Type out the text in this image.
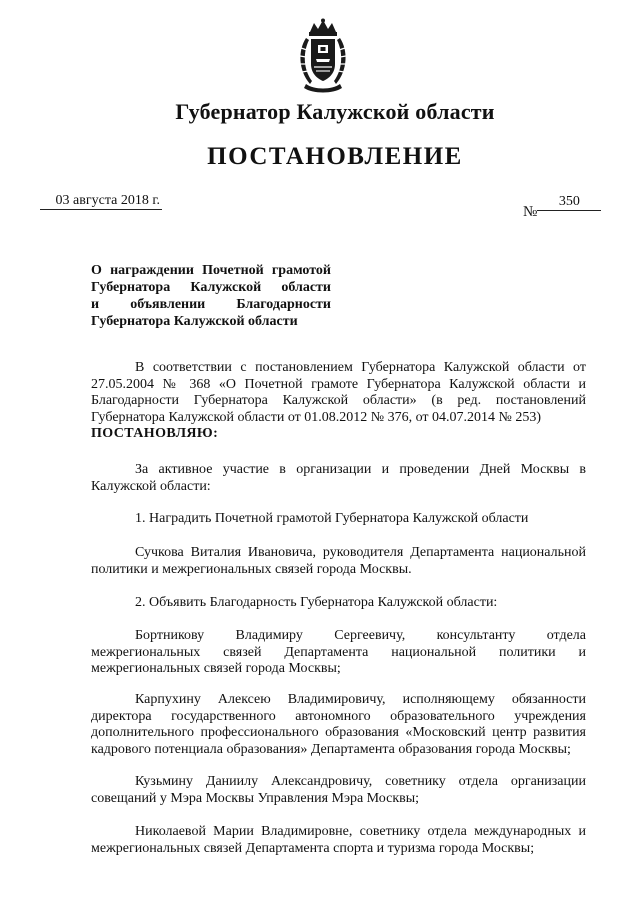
Губернатор Калужской области
ПОСТАНОВЛЕНИЕ
03 августа 2018 г.
№350
О награждении Почетной грамотой
Губернатора Калужской области
и объявлении Благодарности
Губернатора Калужской области

В соответствии с постановлением Губернатора Калужской области от 27.05.2004 № 368 «О Почетной грамоте Губернатора Калужской области и Благодарности Губернатора Калужской области» (в ред. постановлений Губернатора Калужской области от 01.08.2012 № 376, от 04.07.2014 № 253)

ПОСТАНОВЛЯЮ:

За активное участие в организации и проведении Дней Москвы в Калужской области:

1. Наградить Почетной грамотой Губернатора Калужской области

Сучкова Виталия Ивановича, руководителя Департамента национальной политики и межрегиональных связей города Москвы.

2. Объявить Благодарность Губернатора Калужской области:

Бортникову Владимиру Сергеевичу, консультанту отдела межрегиональных связей Департамента национальной политики и межрегиональных связей города Москвы;

Карпухину Алексею Владимировичу, исполняющему обязанности директора государственного автономного образовательного учреждения дополнительного профессионального образования «Московский центр развития кадрового потенциала образования» Департамента образования города Москвы;

Кузьмину Даниилу Александровичу, советнику отдела организации совещаний у Мэра Москвы Управления Мэра Москвы;

Николаевой Марии Владимировне, советнику отдела международных и межрегиональных связей Департамента спорта и туризма города Москвы;
